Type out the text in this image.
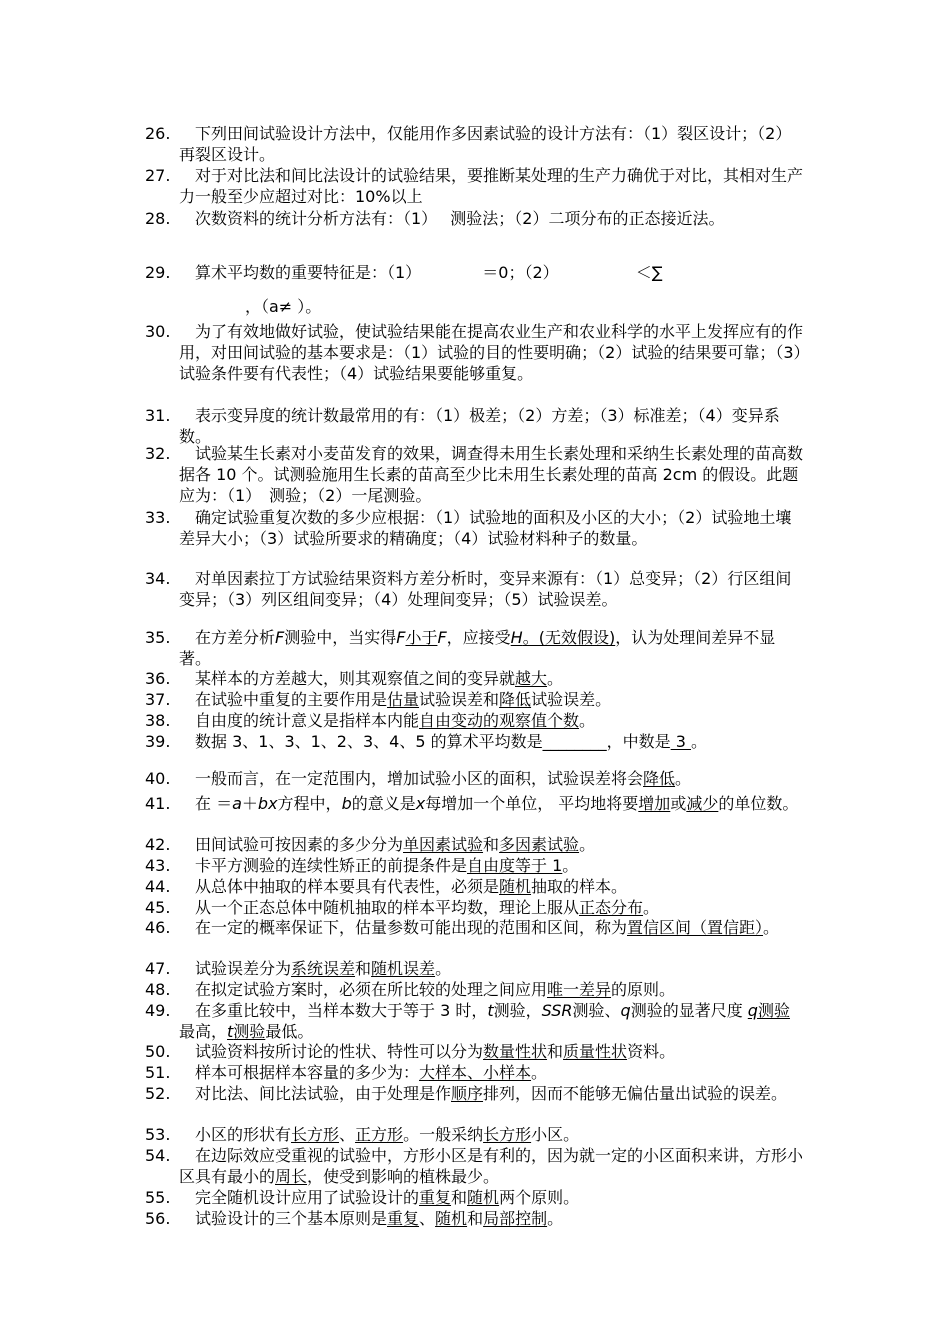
26.	下列田间试验设计方法中，仅能用作多因素试验的设计方法有：（1）裂区设计；（2）再裂区设计。
27.	对于对比法和间比法设计的试验结果，要推断某处理的生产力确优于对比，其相对生产力一般至少应超过对比：10%以上
28.	次数资料的统计分析方法有：（1）　 测验法；（2）二项分布的正态接近法。
29.	算术平均数的重要特征是：（1）　　　 　＝0；（2）　　　　　 ＜∑
，（a≠ ）。
30.	为了有效地做好试验，使试验结果能在提高农业生产和农业科学的水平上发挥应有的作用，对田间试验的基本要求是：（1）试验的目的性要明确；（2）试验的结果要可靠；（3）试验条件要有代表性；（4）试验结果要能够重复。
31.	表示变异度的统计数最常用的有：（1）极差；（2）方差；（3）标准差；（4）变异系数。
32.	试验某生长素对小麦苗发育的效果，调查得未用生长素处理和采纳生长素处理的苗高数据各 10 个。试测验施用生长素的苗高至少比未用生长素处理的苗高 2cm 的假设。此题应为：（1）　测验；（2）一尾测验。
33.	确定试验重复次数的多少应根据：（1）试验地的面积及小区的大小；（2）试验地土壤差异大小；（3）试验所要求的精确度；（4）试验材料种子的数量。
34.	对单因素拉丁方试验结果资料方差分析时，变异来源有：（1）总变异；（2）行区组间变异；（3）列区组间变异；（4）处理间变异；（5）试验误差。
35.	在方差分析F测验中，当实得F小于F，应接受H。(无效假设)，认为处理间差异不显著。
36.	某样本的方差越大，则其观察值之间的变异就越大。
37.	在试验中重复的主要作用是估量试验误差和降低试验误差。
38.	自由度的统计意义是指样本内能自由变动的观察值个数。
39.	数据 3、1、3、1、2、3、4、5 的算术平均数是________，中数是 3 。
40.	一般而言，在一定范围内，增加试验小区的面积，试验误差将会降低。
41.	在 ＝a＋bx方程中，b的意义是x每增加一个单位， 平均地将要增加或减少的单位数。
42.	田间试验可按因素的多少分为单因素试验和多因素试验。
43.	卡平方测验的连续性矫正的前提条件是自由度等于 1。
44.	从总体中抽取的样本要具有代表性，必须是随机抽取的样本。
45.	从一个正态总体中随机抽取的样本平均数，理论上服从正态分布。
46.	在一定的概率保证下，估量参数可能出现的范围和区间，称为置信区间（置信距）。
47.	试验误差分为系统误差和随机误差。
48.	在拟定试验方案时，必须在所比较的处理之间应用唯一差异的原则。
49.	在多重比较中，当样本数大于等于 3 时，t测验，SSR测验、q测验的显著尺度 q测验最高，t测验最低。
50.	试验资料按所讨论的性状、特性可以分为数量性状和质量性状资料。
51.	样本可根据样本容量的多少为：大样本、小样本。
52.	对比法、间比法试验，由于处理是作顺序排列，因而不能够无偏估量出试验的误差。
53.	小区的形状有长方形、正方形。一般采纳长方形小区。
54.	在边际效应受重视的试验中，方形小区是有利的，因为就一定的小区面积来讲，方形小区具有最小的周长，使受到影响的植株最少。
55.	完全随机设计应用了试验设计的重复和随机两个原则。
56.	试验设计的三个基本原则是重复、随机和局部控制。
